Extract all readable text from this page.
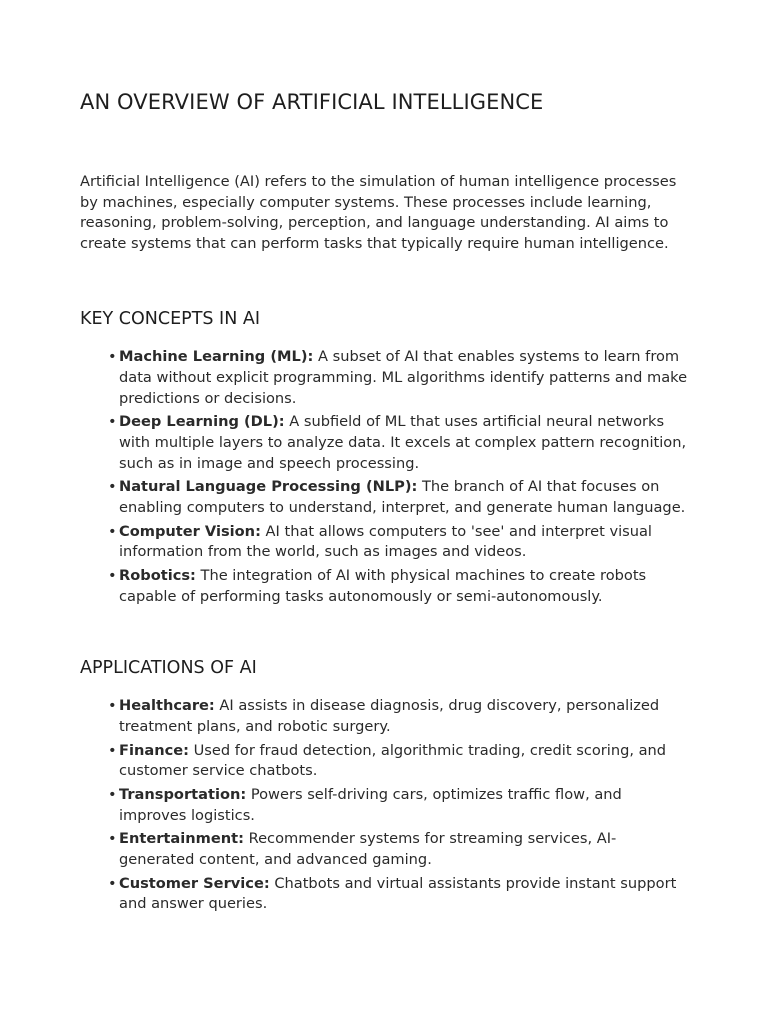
AN OVERVIEW OF ARTIFICIAL INTELLIGENCE

Artificial Intelligence (AI) refers to the simulation of human intelligence processes by machines, especially computer systems. These processes include learning, reasoning, problem-solving, perception, and language understanding. AI aims to create systems that can perform tasks that typically require human intelligence.

KEY CONCEPTS IN AI
• Machine Learning (ML): A subset of AI that enables systems to learn from data without explicit programming. ML algorithms identify patterns and make predictions or decisions.
• Deep Learning (DL): A subfield of ML that uses artificial neural networks with multiple layers to analyze data. It excels at complex pattern recognition, such as in image and speech processing.
• Natural Language Processing (NLP): The branch of AI that focuses on enabling computers to understand, interpret, and generate human language.
• Computer Vision: AI that allows computers to 'see' and interpret visual information from the world, such as images and videos.
• Robotics: The integration of AI with physical machines to create robots capable of performing tasks autonomously or semi-autonomously.
APPLICATIONS OF AI
• Healthcare: AI assists in disease diagnosis, drug discovery, personalized treatment plans, and robotic surgery.
• Finance: Used for fraud detection, algorithmic trading, credit scoring, and customer service chatbots.
• Transportation: Powers self-driving cars, optimizes traffic flow, and improves logistics.
• Entertainment: Recommender systems for streaming services, AI-generated content, and advanced gaming.
• Customer Service: Chatbots and virtual assistants provide instant support and answer queries.
